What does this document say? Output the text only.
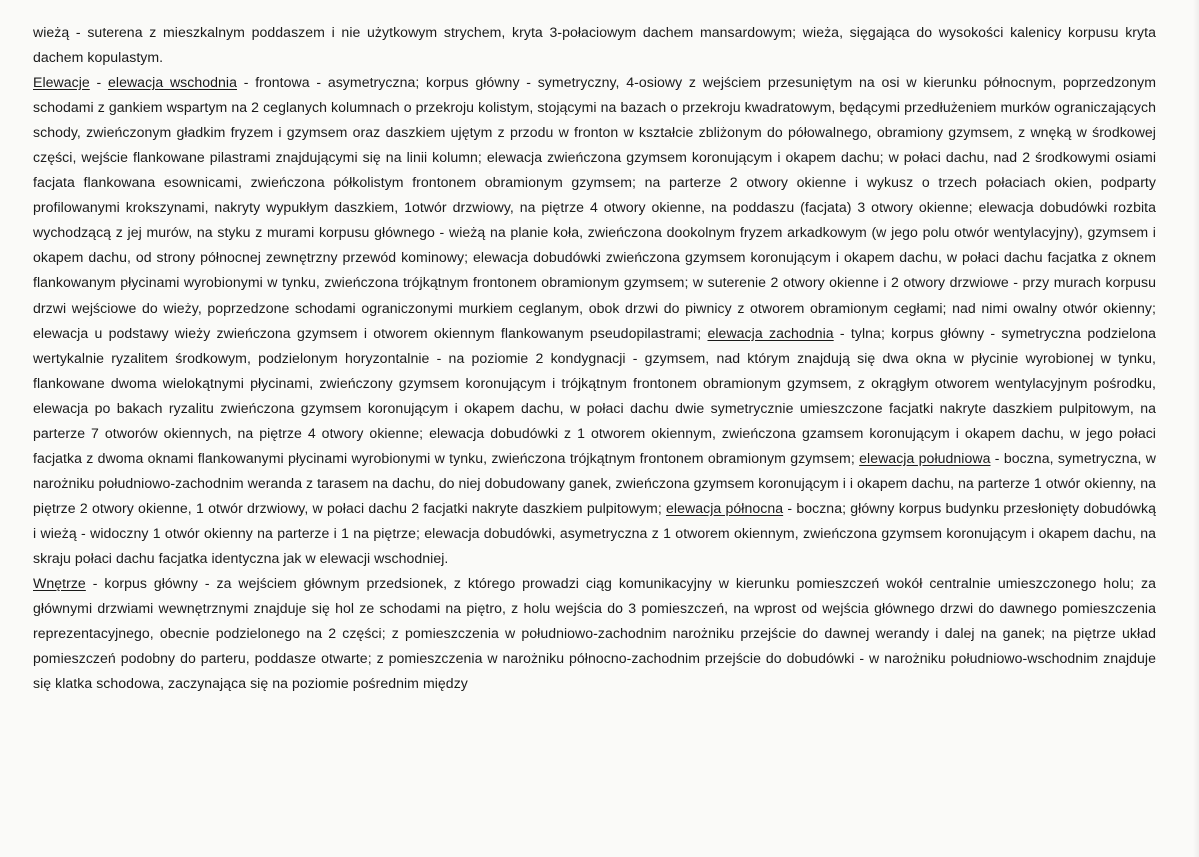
wieżą - suterena z mieszkalnym poddaszem i nie użytkowym strychem, kryta 3-połaciowym dachem mansardowym; wieża, sięgająca do wysokości kalenicy korpusu kryta dachem kopulastym.

Elewacje - elewacja wschodnia - frontowa - asymetryczna; korpus główny - symetryczny, 4-osiowy z wejściem przesuniętym na osi w kierunku północnym, poprzedzonym schodami z gankiem wspartym na 2 ceglanych kolumnach o przekroju kolistym, stojącymi na bazach o przekroju kwadratowym, będącymi przedłużeniem murków ograniczających schody, zwieńczonym gładkim fryzem i gzymsem oraz daszkiem ujętym z przodu w fronton w kształcie zbliżonym do półowalnego, obramiony gzymsem, z wnęką w środkowej części, wejście flankowane pilastrami znajdującymi się na linii kolumn; elewacja zwieńczona gzymsem koronującym i okapem dachu; w połaci dachu, nad 2 środkowymi osiami facjata flankowana esownicami, zwieńczona półkolistym frontonem obramionym gzymsem; na parterze 2 otwory okienne i wykusz o trzech połaciach okien, podparty profilowanymi krokszynami, nakryty wypukłym daszkiem, 1otwór drzwiowy, na piętrze 4 otwory okienne, na poddaszu (facjata) 3 otwory okienne; elewacja dobudówki rozbita wychodzącą z jej murów, na styku z murami korpusu głównego - wieżą na planie koła, zwieńczona dookolnym fryzem arkadkowym (w jego polu otwór wentylacyjny), gzymsem i okapem dachu, od strony północnej zewnętrzny przewód kominowy; elewacja dobudówki zwieńczona gzymsem koronującym i okapem dachu, w połaci dachu facjatka z oknem flankowanym płycinami wyrobionymi w tynku, zwieńczona trójkątnym frontonem obramionym gzymsem; w suterenie 2 otwory okienne i 2 otwory drzwiowe - przy murach korpusu drzwi wejściowe do wieży, poprzedzone schodami ograniczonymi murkiem ceglanym, obok drzwi do piwnicy z otworem obramionym cegłami; nad nimi owalny otwór okienny; elewacja u podstawy wieży zwieńczona gzymsem i otworem okiennym flankowanym pseudopilastrami; elewacja zachodnia - tylna; korpus główny - symetryczna podzielona wertykalnie ryzalitem środkowym, podzielonym horyzontalnie - na poziomie 2 kondygnacji - gzymsem, nad którym znajdują się dwa okna w płycinie wyrobionej w tynku, flankowane dwoma wielokątnymi płycinami, zwieńczony gzymsem koronującym i trójkątnym frontonem obramionym gzymsem, z okrągłym otworem wentylacyjnym pośrodku, elewacja po bakach ryzalitu zwieńczona gzymsem koronującym i okapem dachu, w połaci dachu dwie symetrycznie umieszczone facjatki nakryte daszkiem pulpitowym, na parterze 7 otworów okiennych, na piętrze 4 otwory okienne; elewacja dobudówki z 1 otworem okiennym, zwieńczona gzamsem koronującym i okapem dachu, w jego połaci facjatka z dwoma oknami flankowanymi płycinami wyrobionymi w tynku, zwieńczona trójkątnym frontonem obramionym gzymsem; elewacja południowa - boczna, symetryczna, w narożniku południowo-zachodnim weranda z tarasem na dachu, do niej dobudowany ganek, zwieńczona gzymsem koronującym i i okapem dachu, na parterze 1 otwór okienny, na piętrze 2 otwory okienne, 1 otwór drzwiowy, w połaci dachu 2 facjatki nakryte daszkiem pulpitowym; elewacja północna - boczna; główny korpus budynku przesłonięty dobudówką i wieżą - widoczny 1 otwór okienny na parterze i 1 na piętrze; elewacja dobudówki, asymetryczna z 1 otworem okiennym, zwieńczona gzymsem koronującym i okapem dachu, na skraju połaci dachu facjatka identyczna jak w elewacji wschodniej.

Wnętrze - korpus główny - za wejściem głównym przedsionek, z którego prowadzi ciąg komunikacyjny w kierunku pomieszczeń wokół centralnie umieszczonego holu; za głównymi drzwiami wewnętrznymi znajduje się hol ze schodami na piętro, z holu wejścia do 3 pomieszczeń, na wprost od wejścia głównego drzwi do dawnego pomieszczenia reprezentacyjnego, obecnie podzielonego na 2 części; z pomieszczenia w południowo-zachodnim narożniku przejście do dawnej werandy i dalej na ganek; na piętrze układ pomieszczeń podobny do parteru, poddasze otwarte; z pomieszczenia w narożniku północno-zachodnim przejście do dobudówki - w narożniku południowo-wschodnim znajduje się klatka schodowa, zaczynająca się na poziomie pośrednim między
